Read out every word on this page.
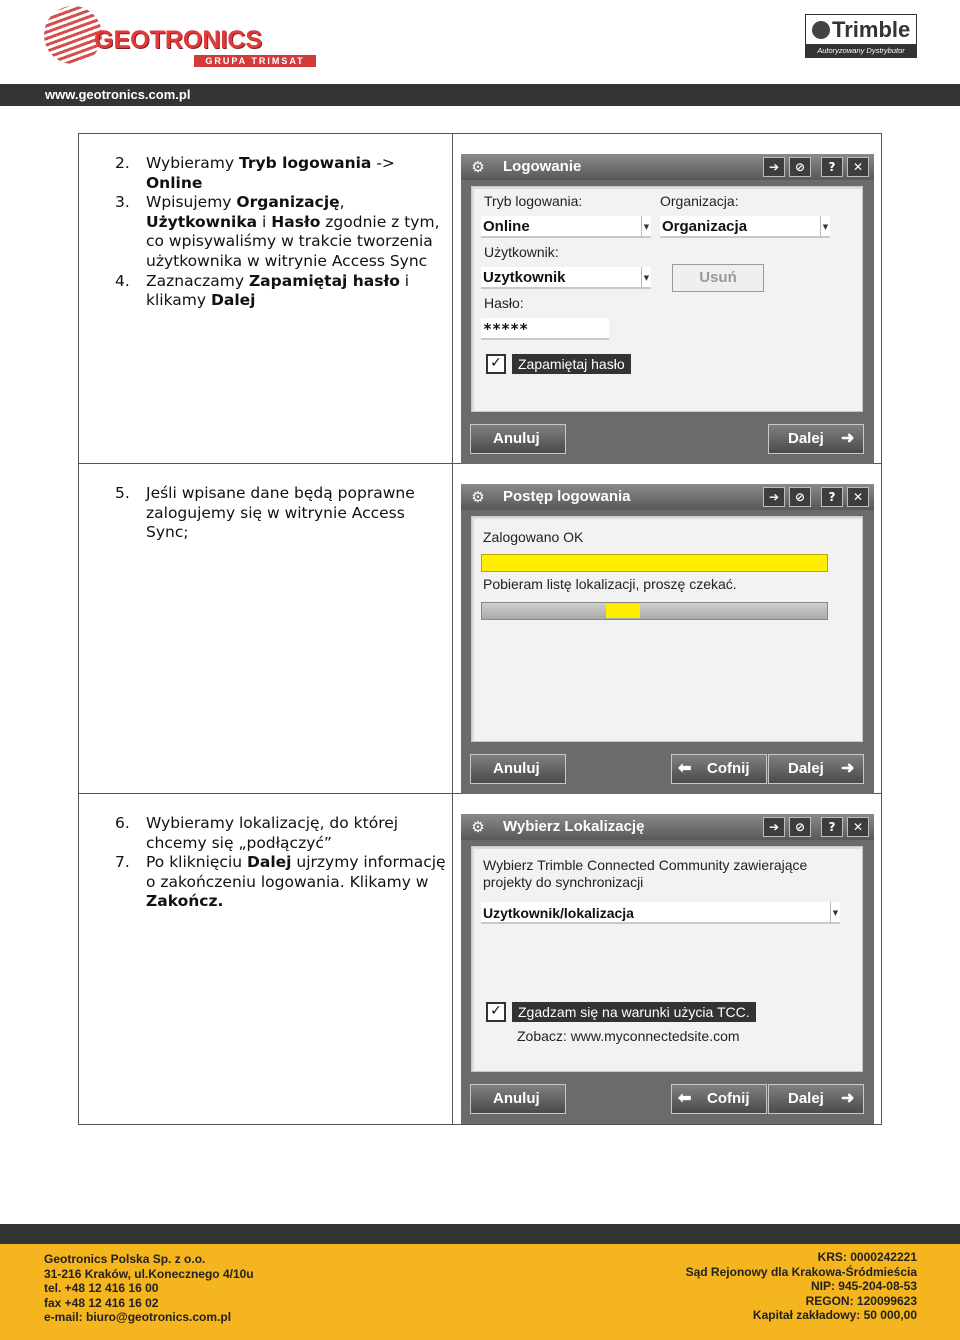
GEOTRONICS
GRUPA TRIMSAT
Trimble
Autoryzowany Dystrybutor
www.geotronics.com.pl
2. Wybieramy Tryb logowania -> Online
3. Wpisujemy Organizację, Użytkownika i Hasło zgodnie z tym, co wpisywaliśmy w trakcie tworzenia użytkownika w witrynie Access Sync
4. Zaznaczamy Zapamiętaj hasło i klikamy Dalej
⚙ Logowanie	➔	⊘	?	✕
Tryb logowania:	Organizacja:
Online	▼ Organizacja	▼
Użytkownik:
Uzytkownik	▼	Usuń
Hasło:
*****
✓	Zapamiętaj hasło
Anuluj	Dalej ➜
5. Jeśli wpisane dane będą poprawne zalogujemy się w witrynie Access Sync;
⚙ Postęp logowania	➔	⊘	?	✕
Zalogowano OK
Pobieram listę lokalizacji, proszę czekać.
Anuluj	⬅ Cofnij	Dalej ➜
6. Wybieramy lokalizację, do której chcemy się „podłączyć”
7. Po kliknięciu Dalej ujrzymy informację o zakończeniu logowania. Klikamy w Zakończ.
⚙ Wybierz Lokalizację	➔	⊘	?	✕
Wybierz Trimble Connected Community zawierające projekty do synchronizacji
Uzytkownik/lokalizacja	▼
✓	Zgadzam się na warunki użycia TCC.
Zobacz: www.myconnectedsite.com
Anuluj	⬅ Cofnij	Dalej ➜
Geotronics Polska Sp. z o.o.
31-216 Kraków, ul.Konecznego 4/10u
tel. +48 12 416 16 00
fax +48 12 416 16 02
e-mail: biuro@geotronics.com.pl
KRS: 0000242221
Sąd Rejonowy dla Krakowa-Śródmieścia
NIP: 945-204-08-53
REGON: 120099623
Kapitał zakładowy: 50 000,00
